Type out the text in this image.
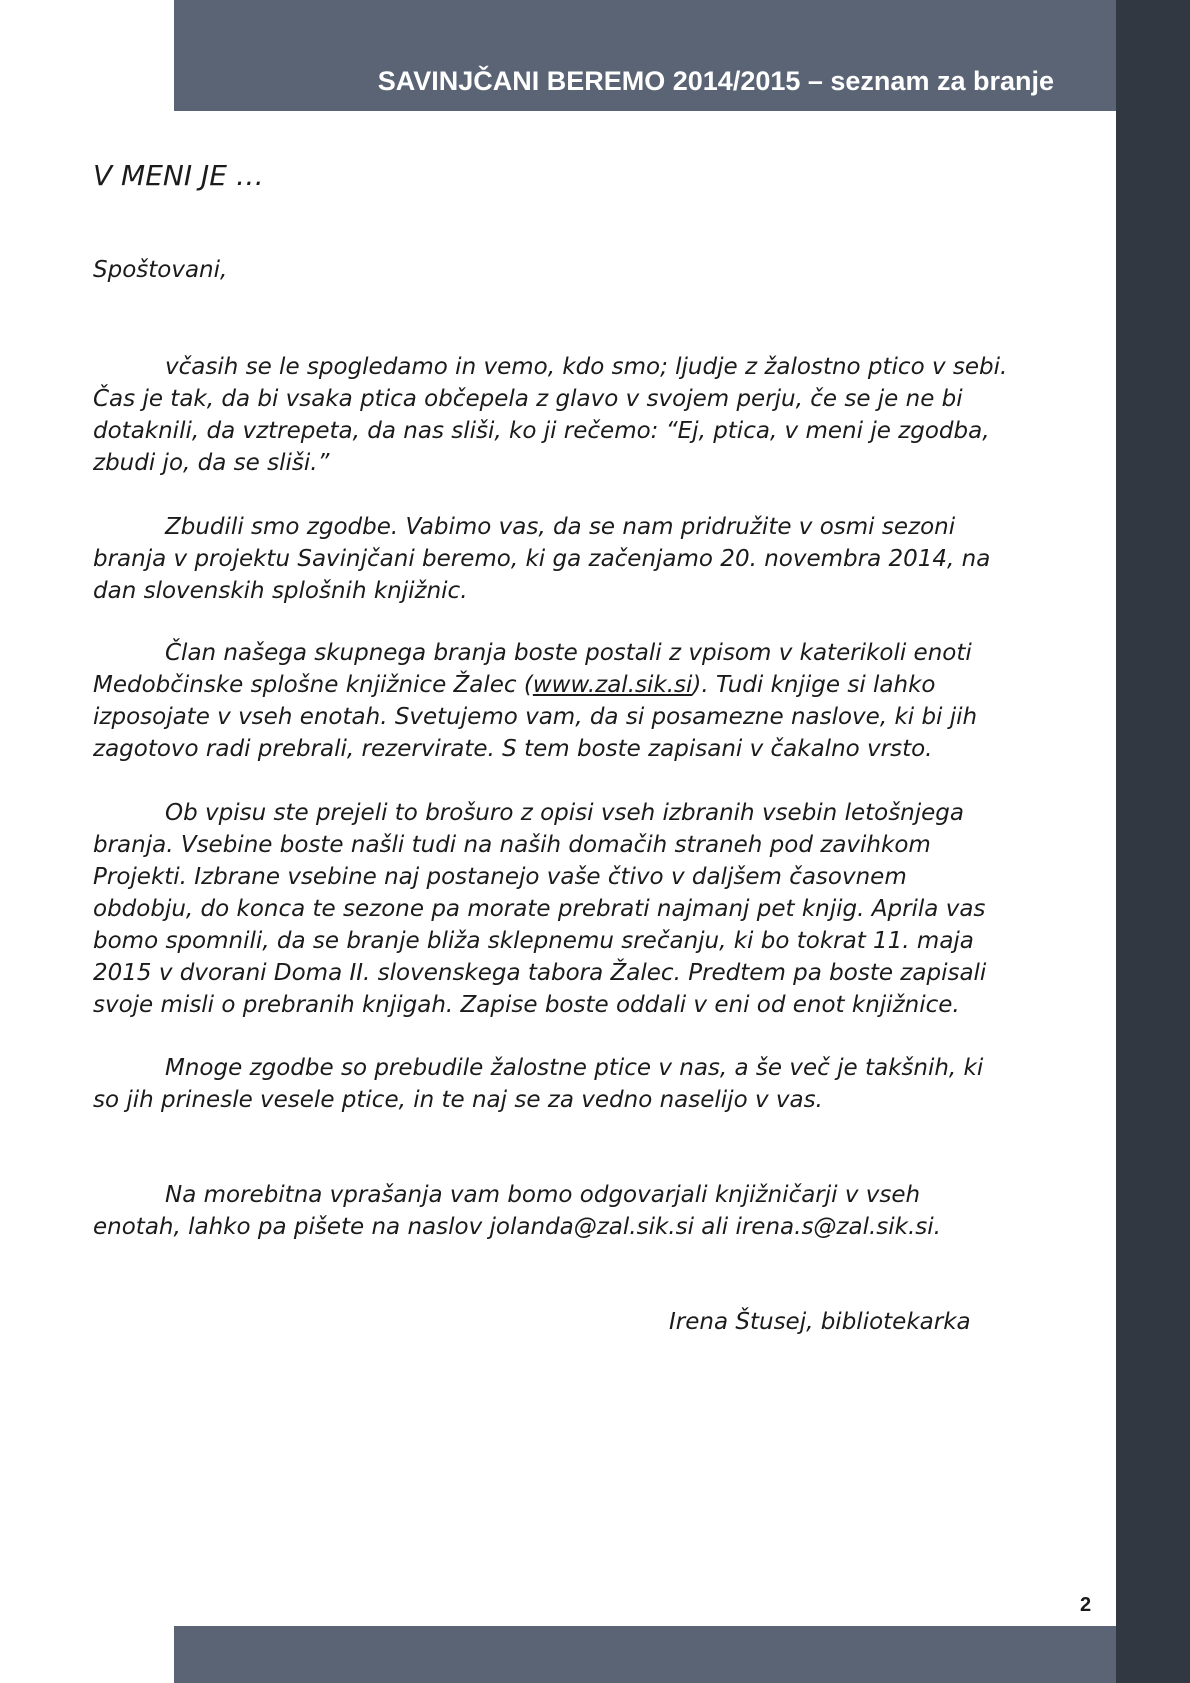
SAVINJČANI BEREMO 2014/2015 – seznam za branje
V MENI JE …
Spoštovani,

včasih se le spogledamo in vemo, kdo smo; ljudje z žalostno ptico v sebi.
Čas je tak, da bi vsaka ptica občepela z glavo v svojem perju, če se je ne bi
dotaknili, da vztrepeta, da nas sliši, ko ji rečemo: “Ej, ptica, v meni je zgodba,
zbudi jo, da se sliši.”

Zbudili smo zgodbe. Vabimo vas, da se nam pridružite v osmi sezoni
branja v projektu Savinjčani beremo, ki ga začenjamo 20. novembra 2014, na
dan slovenskih splošnih knjižnic.

Član našega skupnega branja boste postali z vpisom v katerikoli enoti
Medobčinske splošne knjižnice Žalec (www.zal.sik.si). Tudi knjige si lahko
izposojate v vseh enotah. Svetujemo vam, da si posamezne naslove, ki bi jih
zagotovo radi prebrali, rezervirate. S tem boste zapisani v čakalno vrsto.

Ob vpisu ste prejeli to brošuro z opisi vseh izbranih vsebin letošnjega
branja. Vsebine boste našli tudi na naših domačih straneh pod zavihkom
Projekti. Izbrane vsebine naj postanejo vaše čtivo v daljšem časovnem
obdobju, do konca te sezone pa morate prebrati najmanj pet knjig. Aprila vas
bomo spomnili, da se branje bliža sklepnemu srečanju, ki bo tokrat 11. maja
2015 v dvorani Doma II. slovenskega tabora Žalec. Predtem pa boste zapisali
svoje misli o prebranih knjigah. Zapise boste oddali v eni od enot knjižnice.

Mnoge zgodbe so prebudile žalostne ptice v nas, a še več je takšnih, ki
so jih prinesle vesele ptice, in te naj se za vedno naselijo v vas.

Na morebitna vprašanja vam bomo odgovarjali knjižničarji v vseh
enotah, lahko pa pišete na naslov jolanda@zal.sik.si ali irena.s@zal.sik.si.

Irena Štusej, bibliotekarka
2
